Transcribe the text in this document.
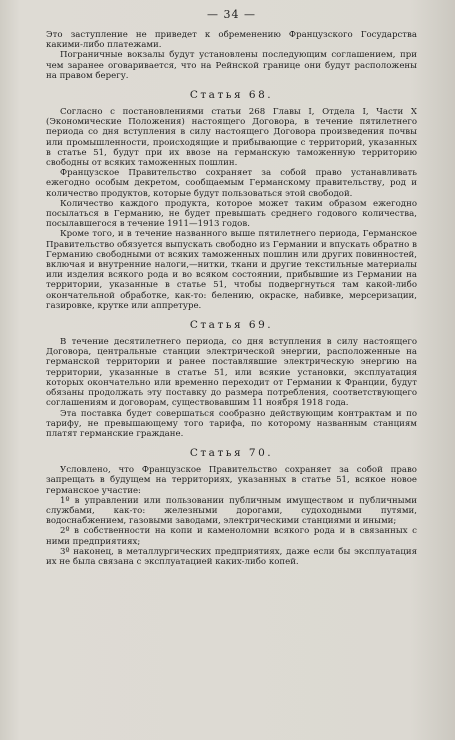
— 34 —

Это заступление не приведет к обременению Французского Государства какими-либо платежами.

Пограничные вокзалы будут установлены последующим соглашением, при чем заранее оговаривается, что на Рейнской границе они будут расположены на правом берегу.

Статья 68.

Согласно с постановлениями статьи 268 Главы I, Отдела I, Части X (Экономические Положения) настоящего Договора, в течение пятилетнего периода со дня вступления в силу настоящего Договора произведения почвы или промышленности, происходящие и прибывающие с территорий, указанных в статье 51, будут при их ввозе на германскую таможенную территорию свободны от всяких таможенных пошлин.

Французское Правительство сохраняет за собой право устанавливать ежегодно особым декретом, сообщаемым Германскому правительству, род и количество продуктов, которые будут пользоваться этой свободой.

Количество каждого продукта, которое может таким образом ежегодно посылаться в Германию, не будет превышать среднего годового количества, посылавшегося в течение 1911—1913 годов.

Кроме того, и в течение названного выше пятилетнего периода, Германское Правительство обязуется выпускать свободно из Германии и впускать обратно в Германию свободными от всяких таможенных пошлин или других повинностей, включая и внутренние налоги,—нитки, ткани и другие текстильные материалы или изделия всякого рода и во всяком состоянии, прибывшие из Германии на территории, указанные в статье 51, чтобы подвергнуться там какой-либо окончательной обработке, как-то: белению, окраске, набивке, мерсеризации, газировке, крутке или аппретуре.

Статья 69.

В течение десятилетнего периода, со дня вступления в силу настоящего Договора, центральные станции электрической энергии, расположенные на германской территории и ранее поставлявшие электрическую энергию на территории, указанные в статье 51, или всякие установки, эксплуатация которых окончательно или временно переходит от Германии к Франции, будут обязаны продолжать эту поставку до размера потребления, соответствующего соглашениям и договорам, существовавшим 11 ноября 1918 года.

Эта поставка будет совершаться сообразно действующим контрактам и по тарифу, не превышающему того тарифа, по которому названным станциям платят германские граждане.

Статья 70.

Условлено, что Французское Правительство сохраняет за собой право запрещать в будущем на территориях, указанных в статье 51, всякое новое германское участие:

1º в управлении или пользовании публичным имуществом и публичными службами, как-то: железными дорогами, судоходными путями, водоснабжением, газовыми заводами, электрическими станциями и иными;

2º в собственности на копи и каменоломни всякого рода и в связанных с ними предприятиях;

3º наконец, в металлургических предприятиях, даже если бы эксплуатация их не была связана с эксплуатацией каких-либо копей.
